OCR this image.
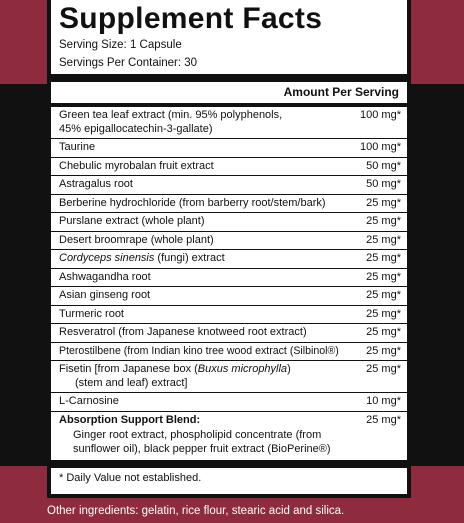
Supplement Facts
Serving Size: 1 Capsule
Servings Per Container: 30
Amount Per Serving
Green tea leaf extract (min. 95% polyphenols,
45% epigallocatechin-3-gallate)
100 mg*
Taurine	100 mg*
Chebulic myrobalan fruit extract	50 mg*
Astragalus root	50 mg*
Berberine hydrochloride (from barberry root/stem/bark)	25 mg*
Purslane extract (whole plant)	25 mg*
Desert broomrape (whole plant)	25 mg*
Cordyceps sinensis (fungi) extract	25 mg*
Ashwagandha root	25 mg*
Asian ginseng root	25 mg*
Turmeric root	25 mg*
Resveratrol (from Japanese knotweed root extract)	25 mg*
Pterostilbene (from Indian kino tree wood extract (Silbinol®)	25 mg*
Fisetin [from Japanese box (Buxus microphylla)
(stem and leaf) extract]
25 mg*
L-Carnosine	10 mg*
Absorption Support Blend:	25 mg*
Ginger root extract, phospholipid concentrate (from
sunflower oil), black pepper fruit extract (BioPerine®)
* Daily Value not established.
Other ingredients: gelatin, rice flour, stearic acid and silica.
